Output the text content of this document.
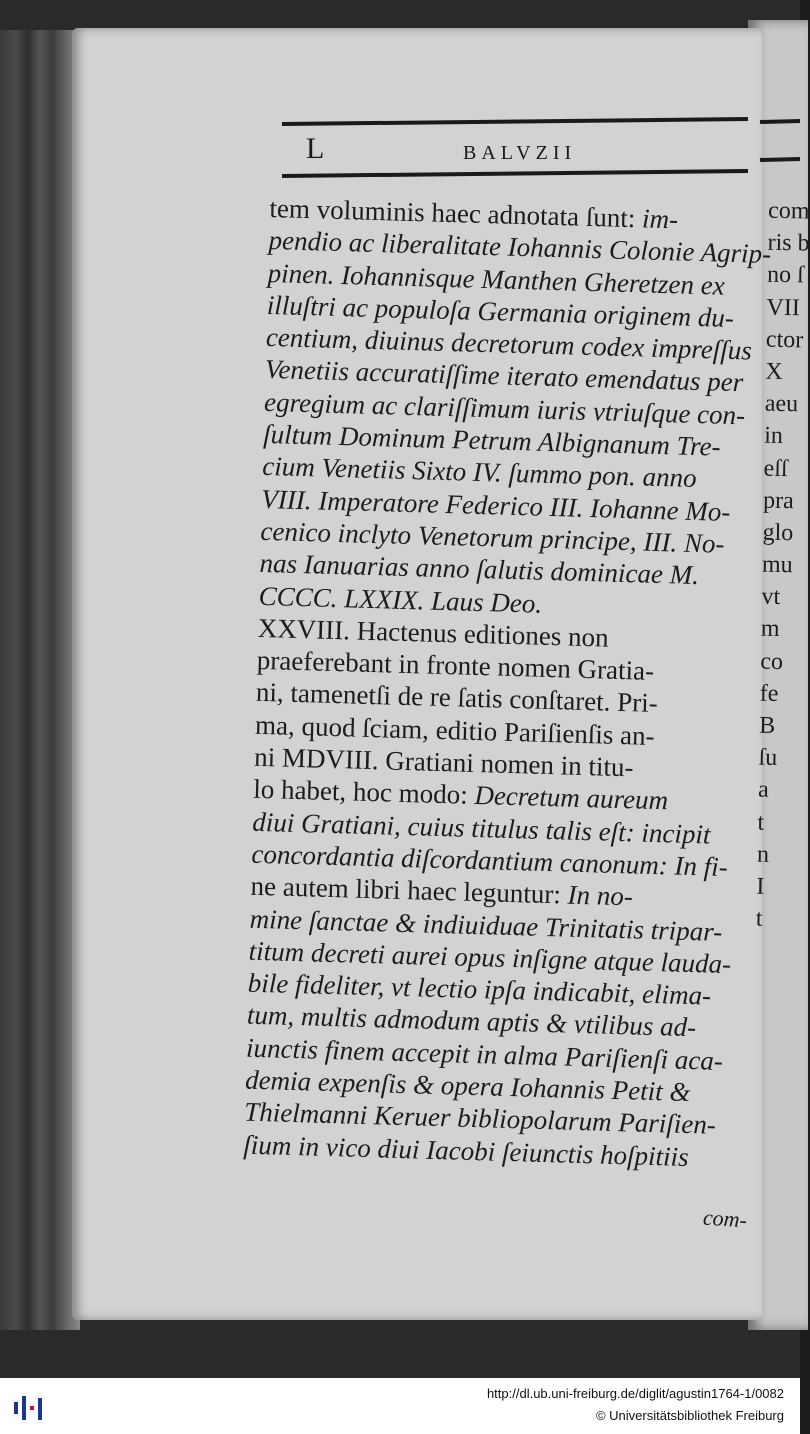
L	BALVZII
tem voluminis haec adnotata ſunt: im-
pendio ac liberalitate Iohannis Colonie Agrip-
pinen. Iohannisque Manthen Gheretzen ex
illuſtri ac populoſa Germania originem du-
centium, diuinus decretorum codex impreſſus
Venetiis accuratiſſime iterato emendatus per
egregium ac clariſſimum iuris vtriuſque con-
ſultum Dominum Petrum Albignanum Tre-
cium Venetiis Sixto IV. ſummo pon. anno
VIII. Imperatore Federico III. Iohanne Mo-
cenico inclyto Venetorum principe, III. No-
nas Ianuarias anno ſalutis dominicae M.
CCCC. LXXIX. Laus Deo.
XXVIII. Hactenus editiones non
praeferebant in fronte nomen Gratia-
ni, tamenetſi de re ſatis conſtaret. Pri-
ma, quod ſciam, editio Pariſienſis an-
ni MDVIII. Gratiani nomen in titu-
lo habet, hoc modo: Decretum aureum
diui Gratiani, cuius titulus talis eſt: incipit
concordantia diſcordantium canonum: In fi-
ne autem libri haec leguntur: In no-
mine ſanctae & indiuiduae Trinitatis tripar-
titum decreti aurei opus inſigne atque lauda-
bile fideliter, vt lectio ipſa indicabit, elima-
tum, multis admodum aptis & vtilibus ad-
iunctis finem accepit in alma Pariſienſi aca-
demia expenſis & opera Iohannis Petit &
Thielmanni Keruer bibliopolarum Pariſien-
ſium in vico diui Iacobi ſeiunctis hoſpitiis
com-
com
ris b
no ſ
VII
ctor
X
aeu
in
eſſ
pra
glo
mu
vt
m
co
fe
B
ſu
a
t
n
I
t
http://dl.ub.uni-freiburg.de/diglit/agustin1764-1/0082
© Universitätsbibliothek Freiburg
